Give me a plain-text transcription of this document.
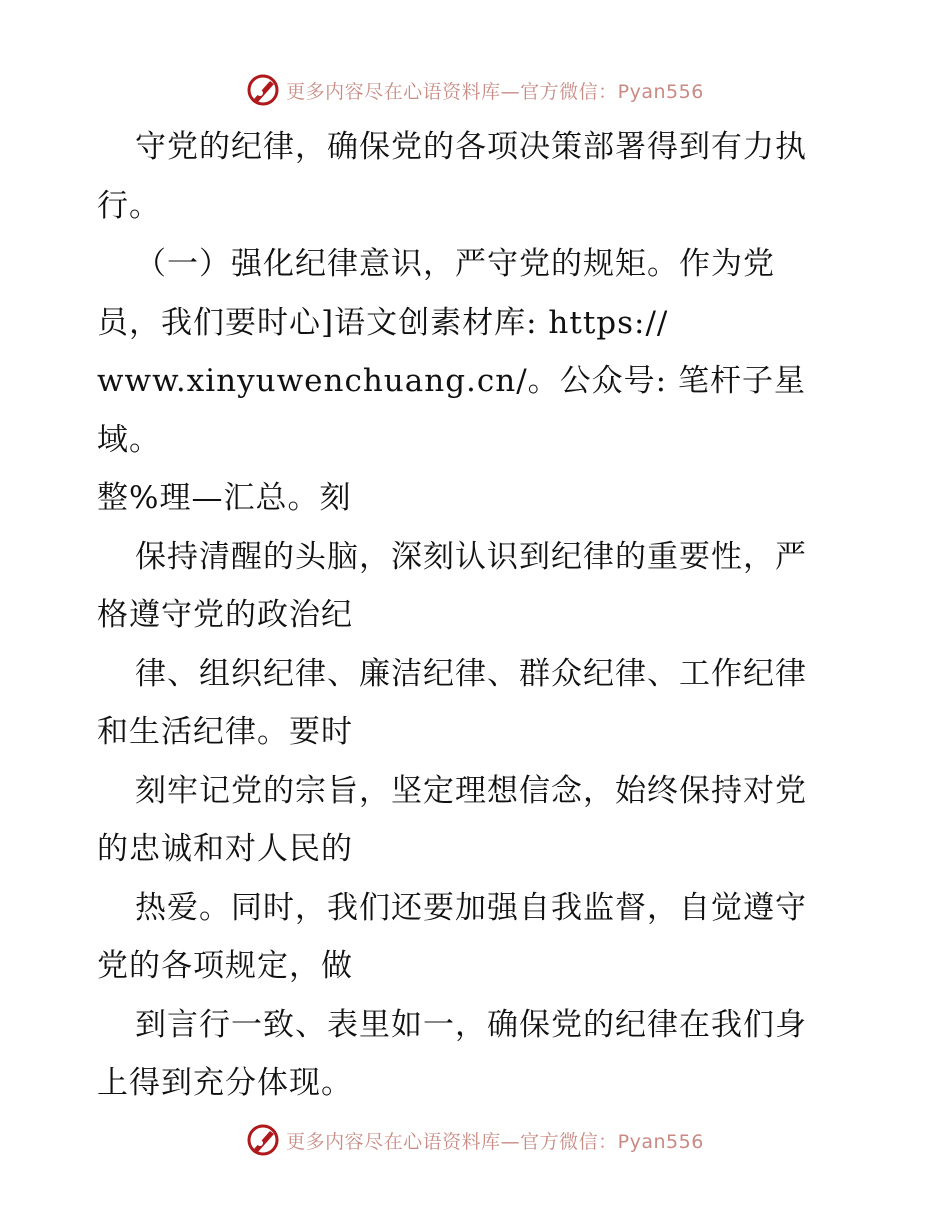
更多内容尽在心语资料库—官方微信：Pyan556

守党的纪律，确保党的各项决策部署得到有力执

行。

（一）强化纪律意识，严守党的规矩。作为党

员，我们要时心]语文创素材库: https://

www.xinyuwenchuang.cn/。公众号: 笔杆子星域。

整%理—汇总。刻

保持清醒的头脑，深刻认识到纪律的重要性，严

格遵守党的政治纪

律、组织纪律、廉洁纪律、群众纪律、工作纪律

和生活纪律。要时

刻牢记党的宗旨，坚定理想信念，始终保持对党

的忠诚和对人民的

热爱。同时，我们还要加强自我监督，自觉遵守

党的各项规定，做

到言行一致、表里如一，确保党的纪律在我们身

上得到充分体现。

更多内容尽在心语资料库—官方微信：Pyan556
